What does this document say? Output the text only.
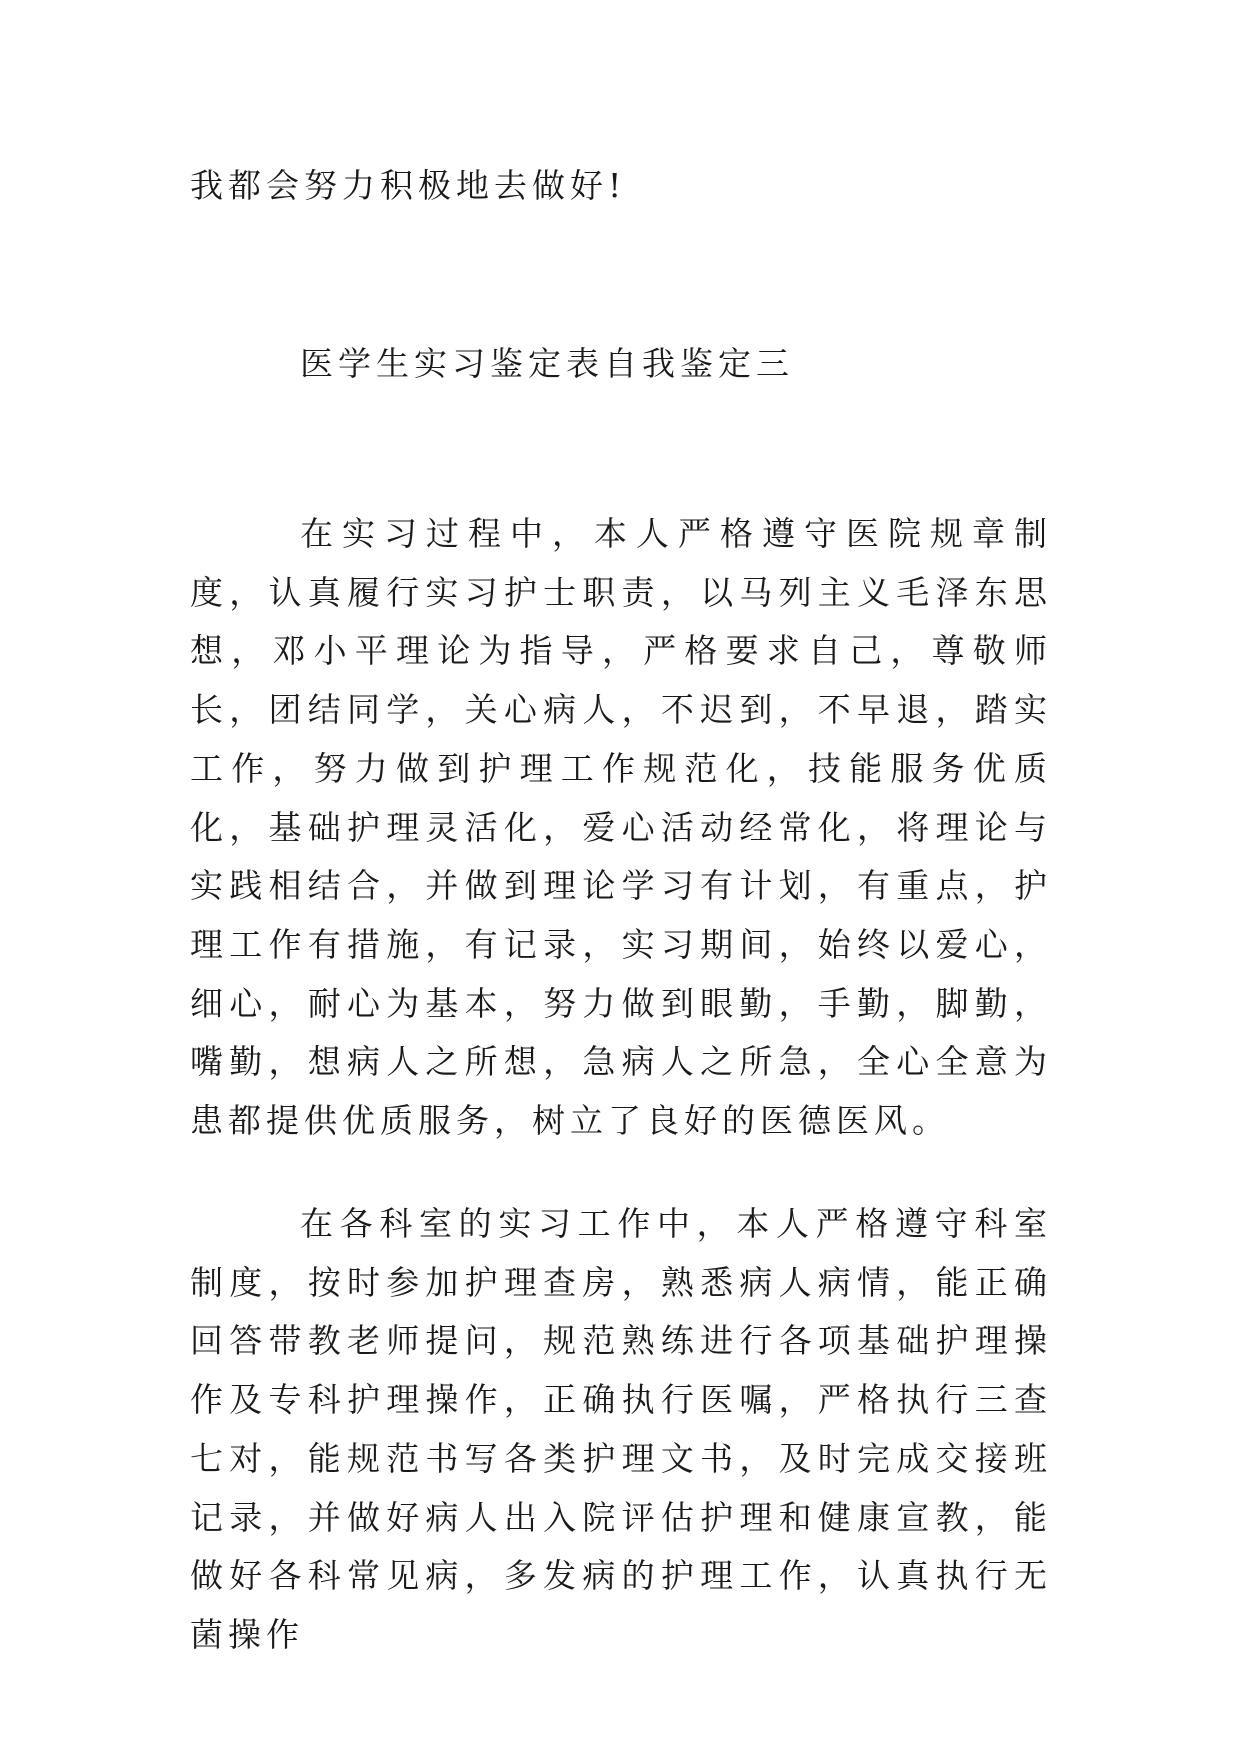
我都会努力积极地去做好!
医学生实习鉴定表自我鉴定三
在实习过程中，本人严格遵守医院规章制度，认真履行实习护士职责，以马列主义毛泽东思想，邓小平理论为指导，严格要求自己，尊敬师长，团结同学，关心病人，不迟到，不早退，踏实工作，努力做到护理工作规范化，技能服务优质化，基础护理灵活化，爱心活动经常化，将理论与实践相结合，并做到理论学习有计划，有重点，护理工作有措施，有记录，实习期间，始终以爱心，细心，耐心为基本，努力做到眼勤，手勤，脚勤，嘴勤，想病人之所想，急病人之所急，全心全意为患都提供优质服务，树立了良好的医德医风。
在各科室的实习工作中，本人严格遵守科室制度，按时参加护理查房，熟悉病人病情，能正确回答带教老师提问，规范熟练进行各项基础护理操作及专科护理操作，正确执行医嘱，严格执行三查七对，能规范书写各类护理文书，及时完成交接班记录，并做好病人出入院评估护理和健康宣教，能做好各科常见病，多发病的护理工作，认真执行无菌操作
